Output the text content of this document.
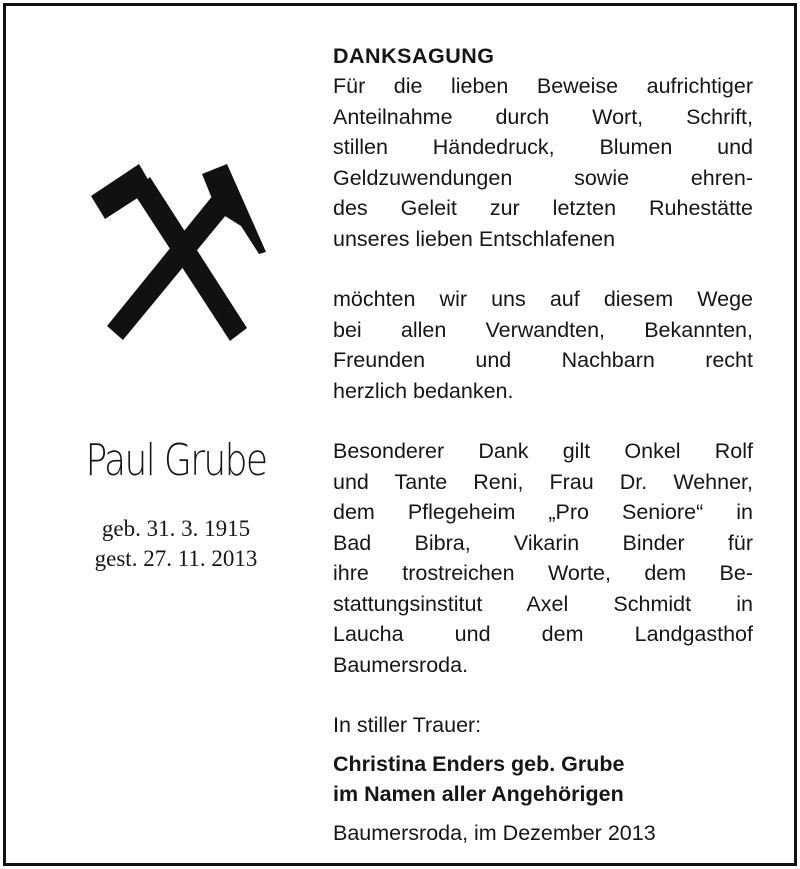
Paul Grube
geb. 31. 3. 1915
gest. 27. 11. 2013
DANKSAGUNG
Für die lieben Beweise aufrichtiger
Anteilnahme durch Wort, Schrift,
stillen Händedruck, Blumen und
Geldzuwendungen sowie ehren-
des Geleit zur letzten Ruhestätte
unseres lieben Entschlafenen
möchten wir uns auf diesem Wege
bei allen Verwandten, Bekannten,
Freunden und Nachbarn recht
herzlich bedanken.
Besonderer Dank gilt Onkel Rolf
und Tante Reni, Frau Dr. Wehner,
dem Pflegeheim „Pro Seniore“ in
Bad Bibra, Vikarin Binder für
ihre trostreichen Worte, dem Be-
stattungsinstitut Axel Schmidt in
Laucha und dem Landgasthof
Baumersroda.
In stiller Trauer:
Christina Enders geb. Grube
im Namen aller Angehörigen
Baumersroda, im Dezember 2013
